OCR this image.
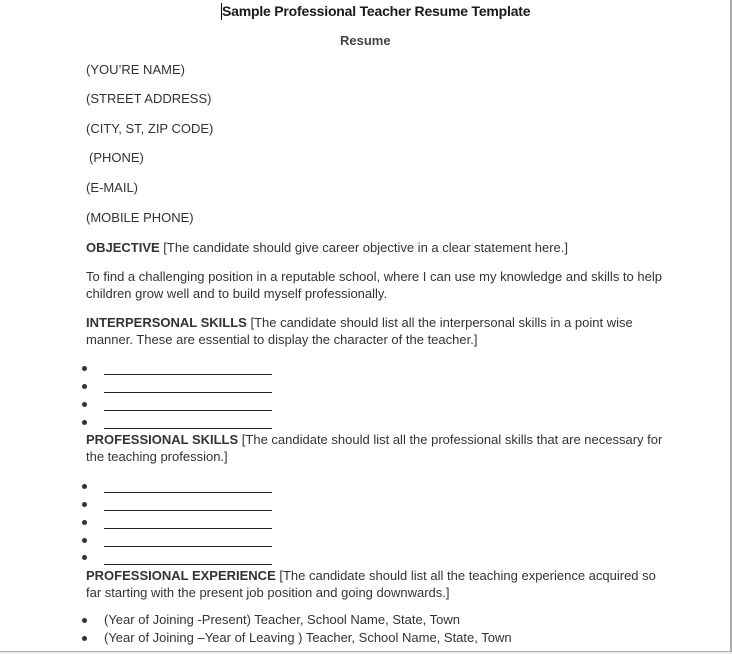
Sample Professional Teacher Resume Template
Resume
(YOU’RE NAME)
(STREET ADDRESS)
(CITY, ST, ZIP CODE)
(PHONE)
(E-MAIL)
(MOBILE PHONE)
OBJECTIVE [The candidate should give career objective in a clear statement here.]
To find a challenging position in a reputable school, where I can use my knowledge and skills to help children grow well and to build myself professionally.
INTERPERSONAL SKILLS [The candidate should list all the interpersonal skills in a point wise manner. These are essential to display the character of the teacher.]
PROFESSIONAL SKILLS [The candidate should list all the professional skills that are necessary for the teaching profession.]
PROFESSIONAL EXPERIENCE [The candidate should list all the teaching experience acquired so far starting with the present job position and going downwards.]
(Year of Joining -Present) Teacher, School Name, State, Town
(Year of Joining –Year of Leaving ) Teacher, School Name, State, Town
